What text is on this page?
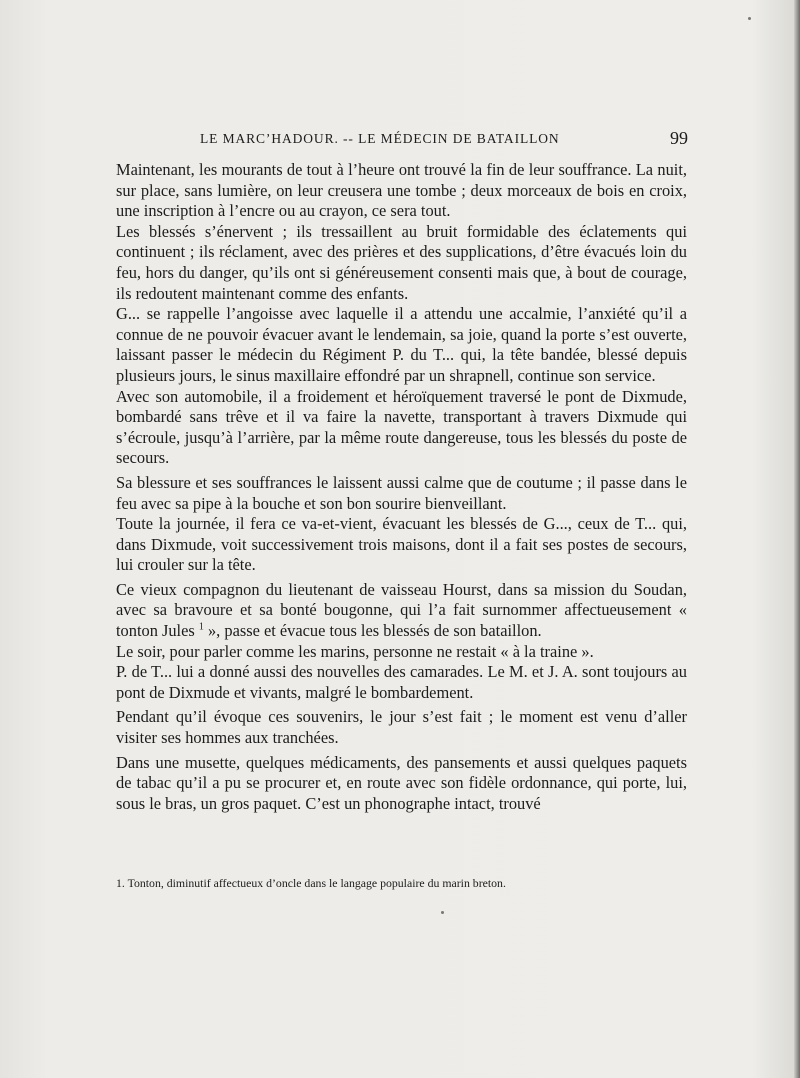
LE MARC’HADOUR. -- LE MÉDECIN DE BATAILLON	99

Maintenant, les mourants de tout à l’heure ont trouvé la fin de leur souffrance. La nuit, sur place, sans lumière, on leur creusera une tombe ; deux morceaux de bois en croix, une inscription à l’encre ou au crayon, ce sera tout.

Les blessés s’énervent ; ils tressaillent au bruit formidable des éclatements qui continuent ; ils réclament, avec des prières et des supplications, d’être évacués loin du feu, hors du danger, qu’ils ont si généreusement consenti mais que, à bout de courage, ils redoutent maintenant comme des enfants.

G... se rappelle l’angoisse avec laquelle il a attendu une accalmie, l’anxiété qu’il a connue de ne pouvoir évacuer avant le lendemain, sa joie, quand la porte s’est ouverte, laissant passer le médecin du Régiment P. du T... qui, la tête bandée, blessé depuis plusieurs jours, le sinus maxillaire effondré par un shrapnell, continue son service.

Avec son automobile, il a froidement et héroïquement traversé le pont de Dixmude, bombardé sans trêve et il va faire la navette, transportant à travers Dixmude qui s’écroule, jusqu’à l’arrière, par la même route dangereuse, tous les blessés du poste de secours.

Sa blessure et ses souffrances le laissent aussi calme que de coutume ; il passe dans le feu avec sa pipe à la bouche et son bon sourire bienveillant.

Toute la journée, il fera ce va-et-vient, évacuant les blessés de G..., ceux de T... qui, dans Dixmude, voit successivement trois maisons, dont il a fait ses postes de secours, lui crouler sur la tête.

Ce vieux compagnon du lieutenant de vaisseau Hourst, dans sa mission du Soudan, avec sa bravoure et sa bonté bougonne, qui l’a fait surnommer affectueusement « tonton Jules $^1$ », passe et évacue tous les blessés de son bataillon.

Le soir, pour parler comme les marins, personne ne restait « à la traine ».

P. de T... lui a donné aussi des nouvelles des camarades. Le M. et J. A. sont toujours au pont de Dixmude et vivants, malgré le bombardement.

Pendant qu’il évoque ces souvenirs, le jour s’est fait ; le moment est venu d’aller visiter ses hommes aux tranchées.

Dans une musette, quelques médicaments, des pansements et aussi quelques paquets de tabac qu’il a pu se procurer et, en route avec son fidèle ordonnance, qui porte, lui, sous le bras, un gros paquet. C’est un phonographe intact, trouvé

1. Tonton, diminutif affectueux d’oncle dans le langage populaire du marin breton.
